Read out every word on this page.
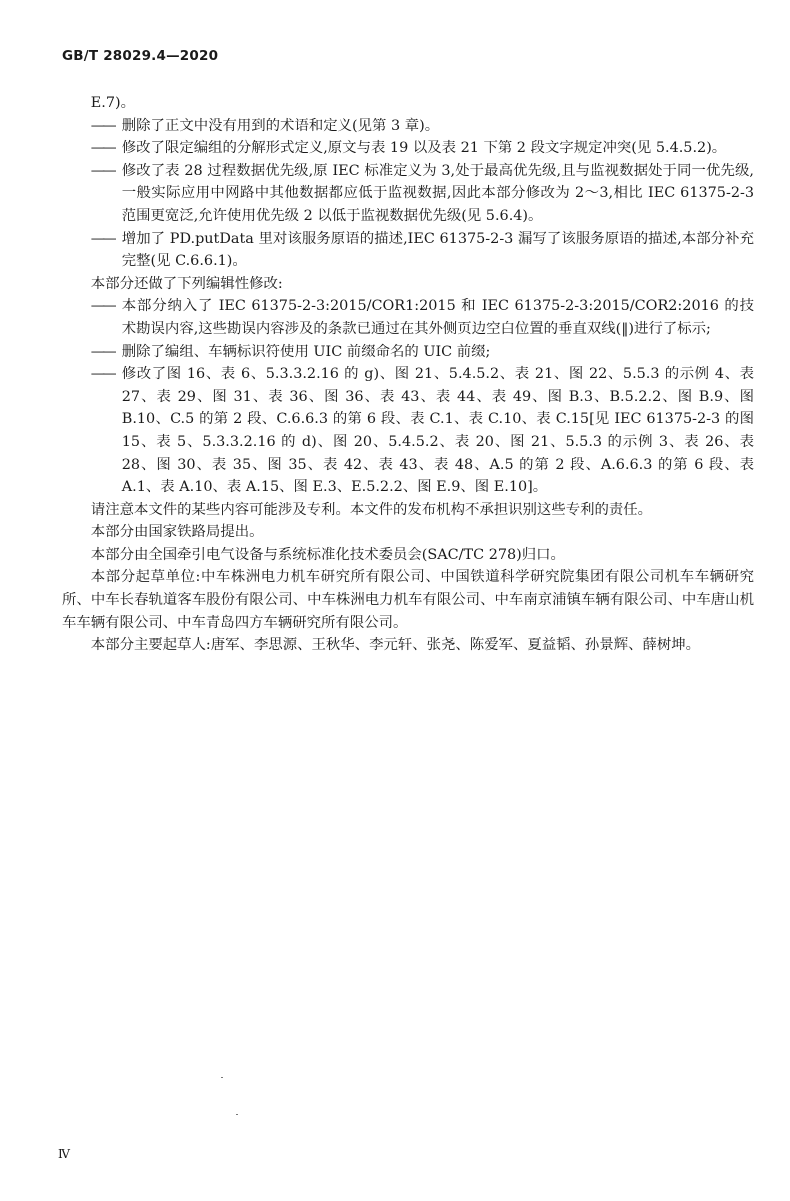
GB/T 28029.4—2020

E.7)。

—— 删除了正文中没有用到的术语和定义(见第 3 章)。
—— 修改了限定编组的分解形式定义,原文与表 19 以及表 21 下第 2 段文字规定冲突(见 5.4.5.2)。
—— 修改了表 28 过程数据优先级,原 IEC 标准定义为 3,处于最高优先级,且与监视数据处于同一优先级,一般实际应用中网路中其他数据都应低于监视数据,因此本部分修改为 2～3,相比 IEC 61375-2-3 范围更宽泛,允许使用优先级 2 以低于监视数据优先级(见 5.6.4)。
—— 增加了 PD.putData 里对该服务原语的描述,IEC 61375-2-3 漏写了该服务原语的描述,本部分补充完整(见 C.6.6.1)。

本部分还做了下列编辑性修改:

—— 本部分纳入了 IEC 61375-2-3:2015/COR1:2015 和 IEC 61375-2-3:2015/COR2:2016 的技术勘误内容,这些勘误内容涉及的条款已通过在其外侧页边空白位置的垂直双线(‖)进行了标示;
—— 删除了编组、车辆标识符使用 UIC 前缀命名的 UIC 前缀;
—— 修改了图 16、表 6、5.3.3.2.16 的 g)、图 21、5.4.5.2、表 21、图 22、5.5.3 的示例 4、表 27、表 29、图 31、表 36、图 36、表 43、表 44、表 49、图 B.3、B.5.2.2、图 B.9、图 B.10、C.5 的第 2 段、C.6.6.3 的第 6 段、表 C.1、表 C.10、表 C.15[见 IEC 61375-2-3 的图 15、表 5、5.3.3.2.16 的 d)、图 20、5.4.5.2、表 20、图 21、5.5.3 的示例 3、表 26、表 28、图 30、表 35、图 35、表 42、表 43、表 48、A.5 的第 2 段、A.6.6.3 的第 6 段、表 A.1、表 A.10、表 A.15、图 E.3、E.5.2.2、图 E.9、图 E.10]。

请注意本文件的某些内容可能涉及专利。本文件的发布机构不承担识别这些专利的责任。

本部分由国家铁路局提出。

本部分由全国牵引电气设备与系统标准化技术委员会(SAC/TC 278)归口。

本部分起草单位:中车株洲电力机车研究所有限公司、中国铁道科学研究院集团有限公司机车车辆研究所、中车长春轨道客车股份有限公司、中车株洲电力机车有限公司、中车南京浦镇车辆有限公司、中车唐山机车车辆有限公司、中车青岛四方车辆研究所有限公司。

本部分主要起草人:唐军、李思源、王秋华、李元轩、张尧、陈爱军、夏益韬、孙景辉、薛树坤。

Ⅳ
